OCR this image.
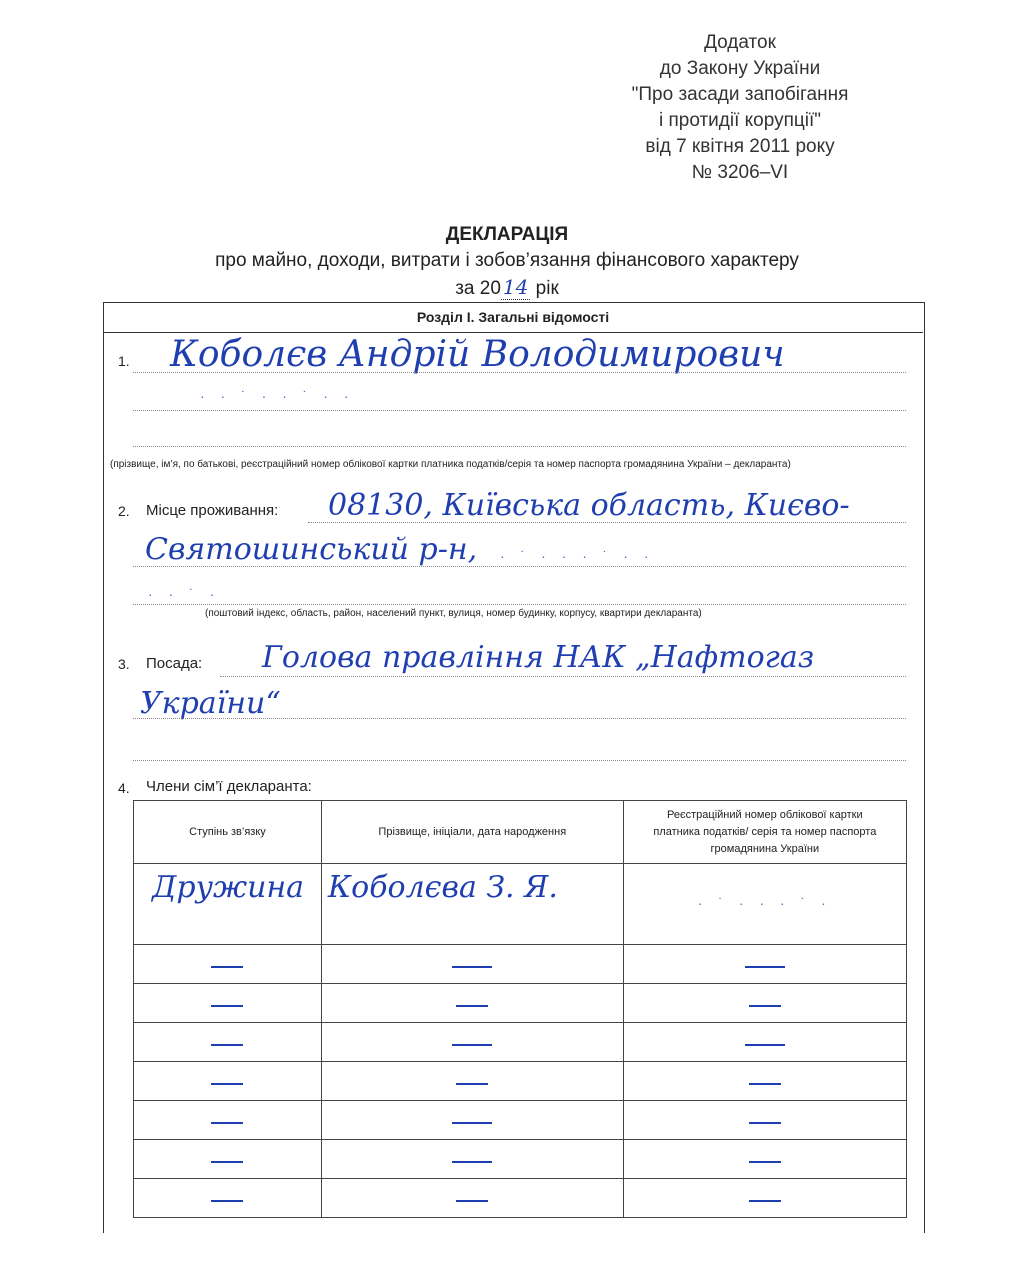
Додаток
до Закону України
"Про засади запобігання
і протидії корупції"
від 7 квітня 2011 року
№ 3206–VI
ДЕКЛАРАЦІЯ
про майно, доходи, витрати і зобов’язання фінансового характеру
за 20 14 рік
Розділ І. Загальні відомості
1. Коболєв Андрій Володимирович
· · ˙ · · ˙ · ·
(прізвище, ім’я, по батькові, реєстраційний номер облікової картки платника податків/серія та номер паспорта громадянина України – декларанта)
2. Місце проживання: 08130, Київська область, Києво-
Святошинський р-н, · ˙ · · · ˙ · ·
· · ˙ ·
(поштовий індекс, область, район, населений пункт, вулиця, номер будинку, корпусу, квартири декларанта)
3. Посада: Голова правління НАК „Нафтогаз
України“
4. Члени сім’ї декларанта:
Ступінь зв’язку	Прізвище, ініціали, дата народження	Реєстраційний номер облікової картки платника податків/ серія та номер паспорта громадянина України
Дружина	Коболєва З. Я.	· ˙ · · · ˙ ·
